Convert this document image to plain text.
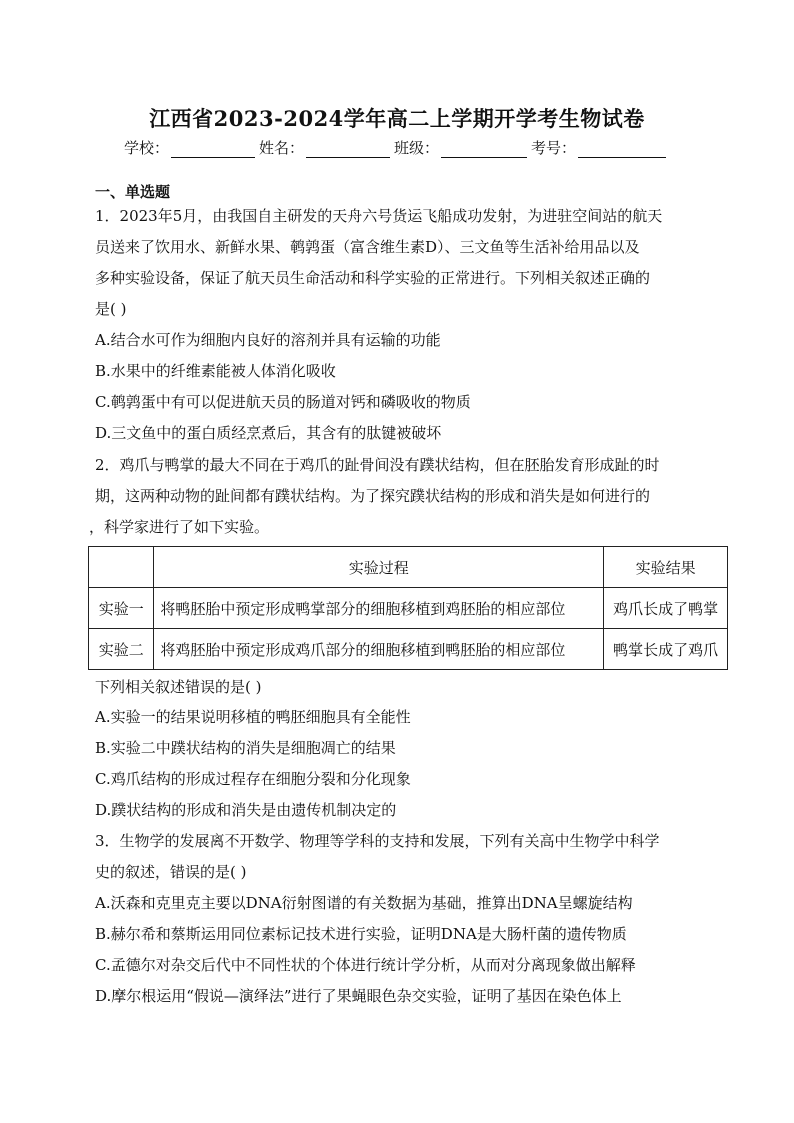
江西省2023-2024学年高二上学期开学考生物试卷
学校：	姓名：	班级：	考号：
一、单选题
1．2023年5月，由我国自主研发的天舟六号货运飞船成功发射，为进驻空间站的航天
员送来了饮用水、新鲜水果、鹌鹑蛋（富含维生素D）、三文鱼等生活补给用品以及
多种实验设备，保证了航天员生命活动和科学实验的正常进行。下列相关叙述正确的
是( )
A.结合水可作为细胞内良好的溶剂并具有运输的功能
B.水果中的纤维素能被人体消化吸收
C.鹌鹑蛋中有可以促进航天员的肠道对钙和磷吸收的物质
D.三文鱼中的蛋白质经烹煮后，其含有的肽键被破坏
2．鸡爪与鸭掌的最大不同在于鸡爪的趾骨间没有蹼状结构，但在胚胎发育形成趾的时
期，这两种动物的趾间都有蹼状结构。为了探究蹼状结构的形成和消失是如何进行的
，科学家进行了如下实验。
	实验过程	实验结果
实验一	将鸭胚胎中预定形成鸭掌部分的细胞移植到鸡胚胎的相应部位	鸡爪长成了鸭掌
实验二	将鸡胚胎中预定形成鸡爪部分的细胞移植到鸭胚胎的相应部位	鸭掌长成了鸡爪
下列相关叙述错误的是( )
A.实验一的结果说明移植的鸭胚细胞具有全能性
B.实验二中蹼状结构的消失是细胞凋亡的结果
C.鸡爪结构的形成过程存在细胞分裂和分化现象
D.蹼状结构的形成和消失是由遗传机制决定的
3．生物学的发展离不开数学、物理等学科的支持和发展，下列有关高中生物学中科学
史的叙述，错误的是( )
A.沃森和克里克主要以DNA衍射图谱的有关数据为基础，推算出DNA呈螺旋结构
B.赫尔希和蔡斯运用同位素标记技术进行实验，证明DNA是大肠杆菌的遗传物质
C.孟德尔对杂交后代中不同性状的个体进行统计学分析，从而对分离现象做出解释
D.摩尔根运用“假说—演绎法”进行了果蝇眼色杂交实验，证明了基因在染色体上
